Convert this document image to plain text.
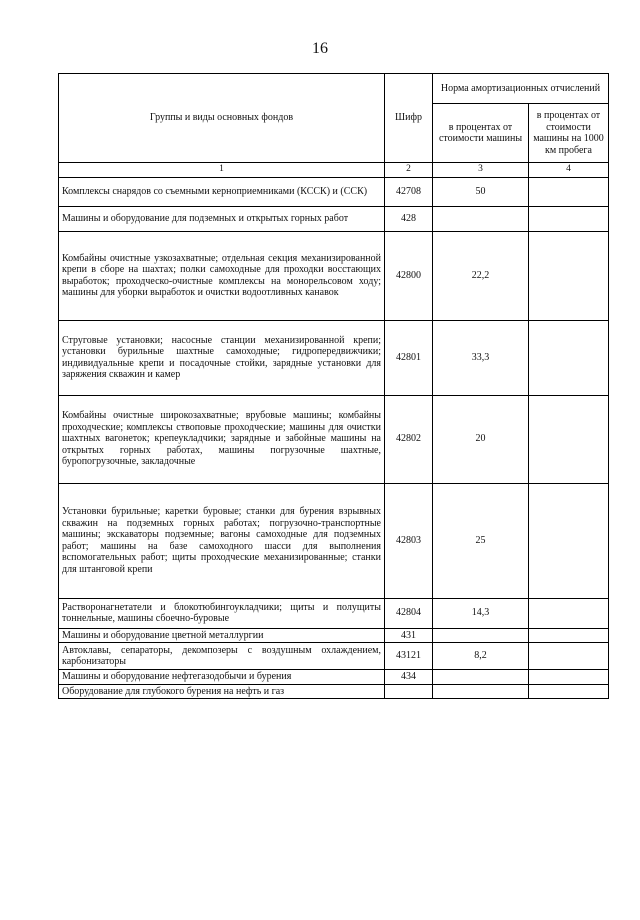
16
Группы и виды основных фондов	Шифр	Норма амортизационных отчислений	
		в процентах от стоимости машины	в процентах от стоимости машины на 1000 км пробега
1	2	3	4
Комплексы снарядов со съемными керноприемниками (КССК) и (ССК)	42708	50	
Машины и оборудование для подземных и открытых горных работ	428		
Комбайны очистные узкозахватные; отдельная секция механизированной крепи в сборе на шахтах; полки самоходные для проходки восстающих выработок; проходческо-очистные комплексы на монорельсовом ходу; машины для уборки выработок и очистки водоотливных канавок	42800	22,2	
Струговые установки; насосные станции механизированной крепи; установки бурильные шахтные самоходные; гидропередвижчики; индивидуальные крепи и посадочные стойки, зарядные установки для заряжения скважин и камер	42801	33,3	
Комбайны очистные широкозахватные; врубовые машины; комбайны проходческие; комплексы ствоповые проходческие; машины для очистки шахтных вагонеток; крепеукладчики; зарядные и забойные машины на открытых горных работах, машины погрузочные шахтные, буропогрузочные, закладочные	42802	20	
Установки бурильные; каретки буровые; станки для бурения взрывных скважин на подземных горных работах; погрузочно-транспортные машины; экскаваторы подземные; вагоны самоходные для подземных работ; машины на базе самоходного шасси для выполнения вспомогательных работ; щиты проходческие механизированные; станки для штанговой крепи	42803	25	
Растворонагнетатели и блокотюбингоукладчики; щиты и полущиты тоннельные, машины сбоечно-буровые	42804	14,3	
Машины и оборудование цветной металлургии	431		
Автоклавы, сепараторы, декомпозеры с воздушным охлаждением, карбонизаторы	43121	8,2	
Машины и оборудование нефтегазодобычи и бурения	434		
Оборудование для глубокого бурения на нефть и газ			
